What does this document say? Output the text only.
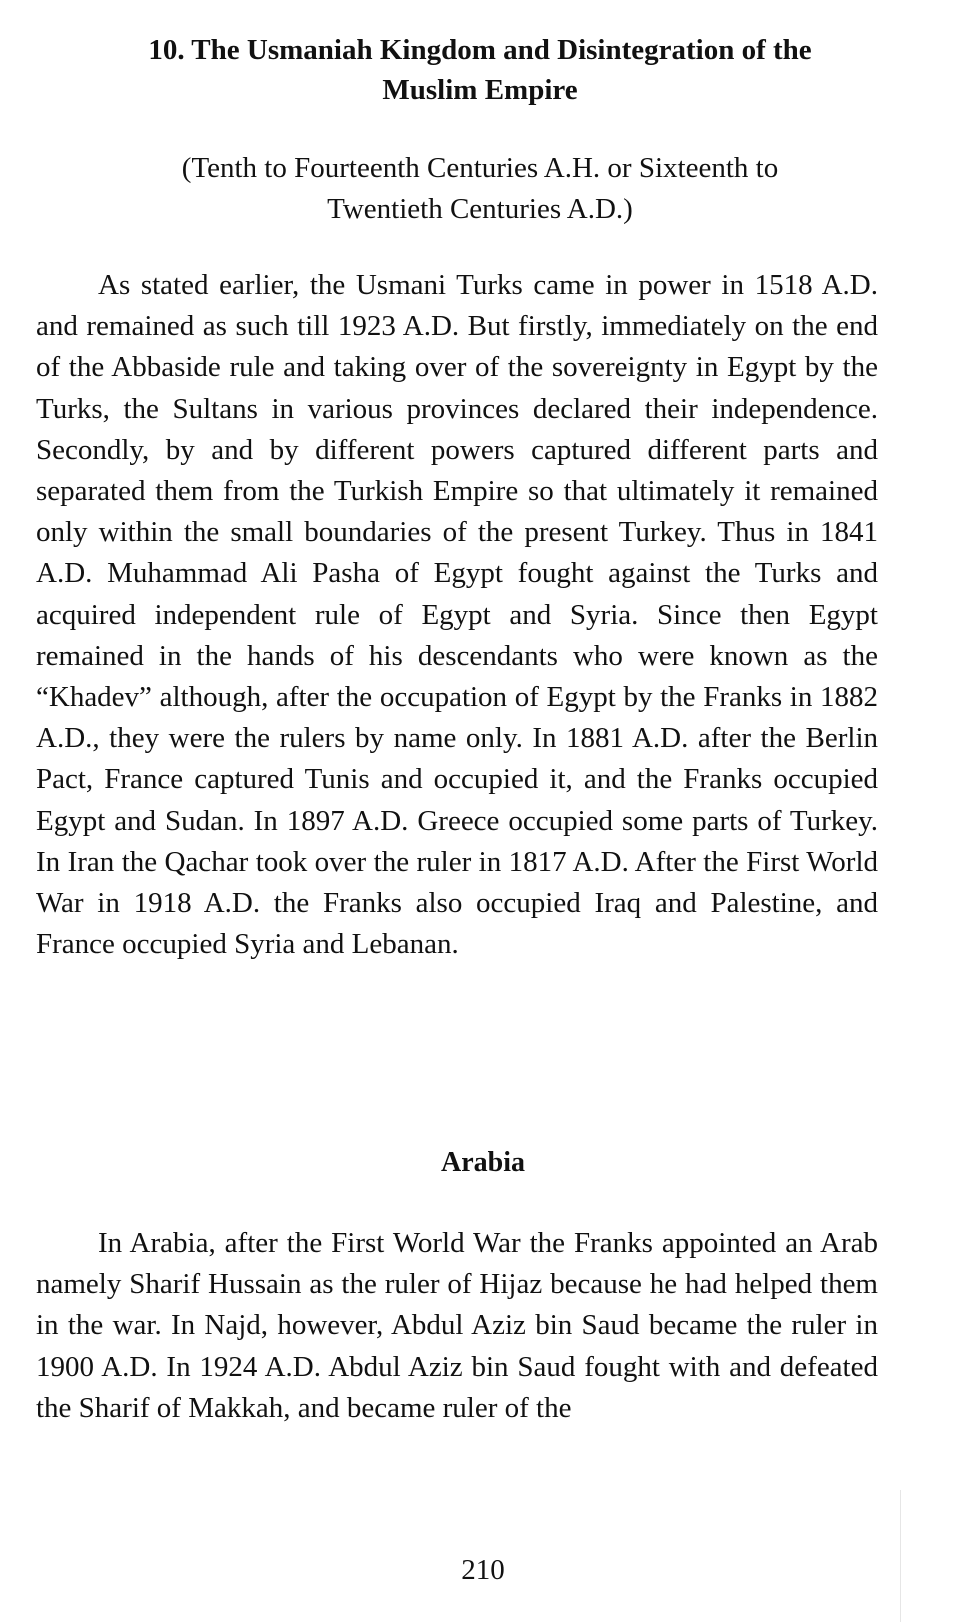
10. The Usmaniah Kingdom and Disintegration of the
Muslim Empire
(Tenth to Fourteenth Centuries A.H. or Sixteenth to
Twentieth Centuries A.D.)

As stated earlier, the Usmani Turks came in power in 1518 A.D. and remained as such till 1923 A.D. But firstly, immediately on the end of the Abbaside rule and taking over of the sovereignty in Egypt by the Turks, the Sultans in various provinces declared their independence. Secondly, by and by different powers captured different parts and separated them from the Turkish Empire so that ultimately it remained only within the small boundaries of the present Turkey. Thus in 1841 A.D. Muhammad Ali Pasha of Egypt fought against the Turks and acquired independent rule of Egypt and Syria. Since then Egypt remained in the hands of his descendants who were known as the “Khadev” although, after the occupation of Egypt by the Franks in 1882 A.D., they were the rulers by name only. In 1881 A.D. after the Berlin Pact, France captured Tunis and occupied it, and the Franks occupied Egypt and Sudan. In 1897 A.D. Greece occupied some parts of Turkey. In Iran the Qachar took over the ruler in 1817 A.D. After the First World War in 1918 A.D. the Franks also occupied Iraq and Palestine, and France occupied Syria and Lebanan.

Arabia

In Arabia, after the First World War the Franks appointed an Arab namely Sharif Hussain as the ruler of Hijaz because he had helped them in the war. In Najd, however, Abdul Aziz bin Saud became the ruler in 1900 A.D. In 1924 A.D. Abdul Aziz bin Saud fought with and defeated the Sharif of Makkah, and became ruler of the

210
